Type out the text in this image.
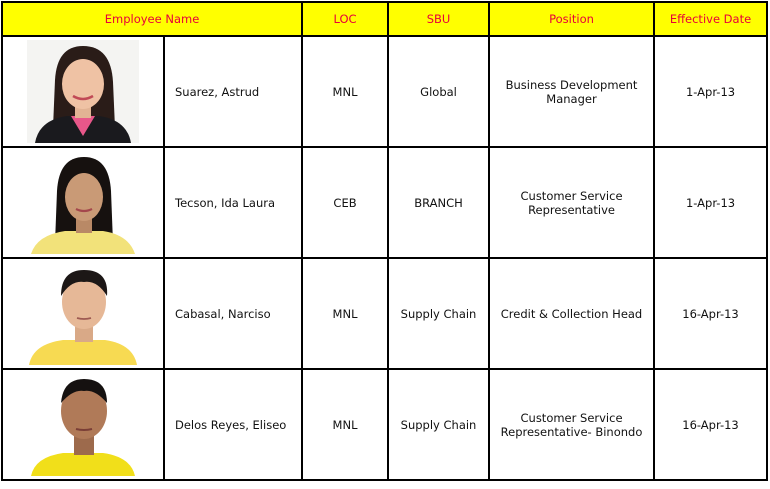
Employee Name		LOC	SBU	Position	Effective Date

	Suarez, Astrud	MNL	Global	Business Development Manager	1-Apr-13

	Tecson, Ida Laura	CEB	BRANCH	Customer Service Representative	1-Apr-13

	Cabasal, Narciso	MNL	Supply Chain	Credit & Collection Head	16-Apr-13

	Delos Reyes, Eliseo	MNL	Supply Chain	Customer Service Representative- Binondo	16-Apr-13
